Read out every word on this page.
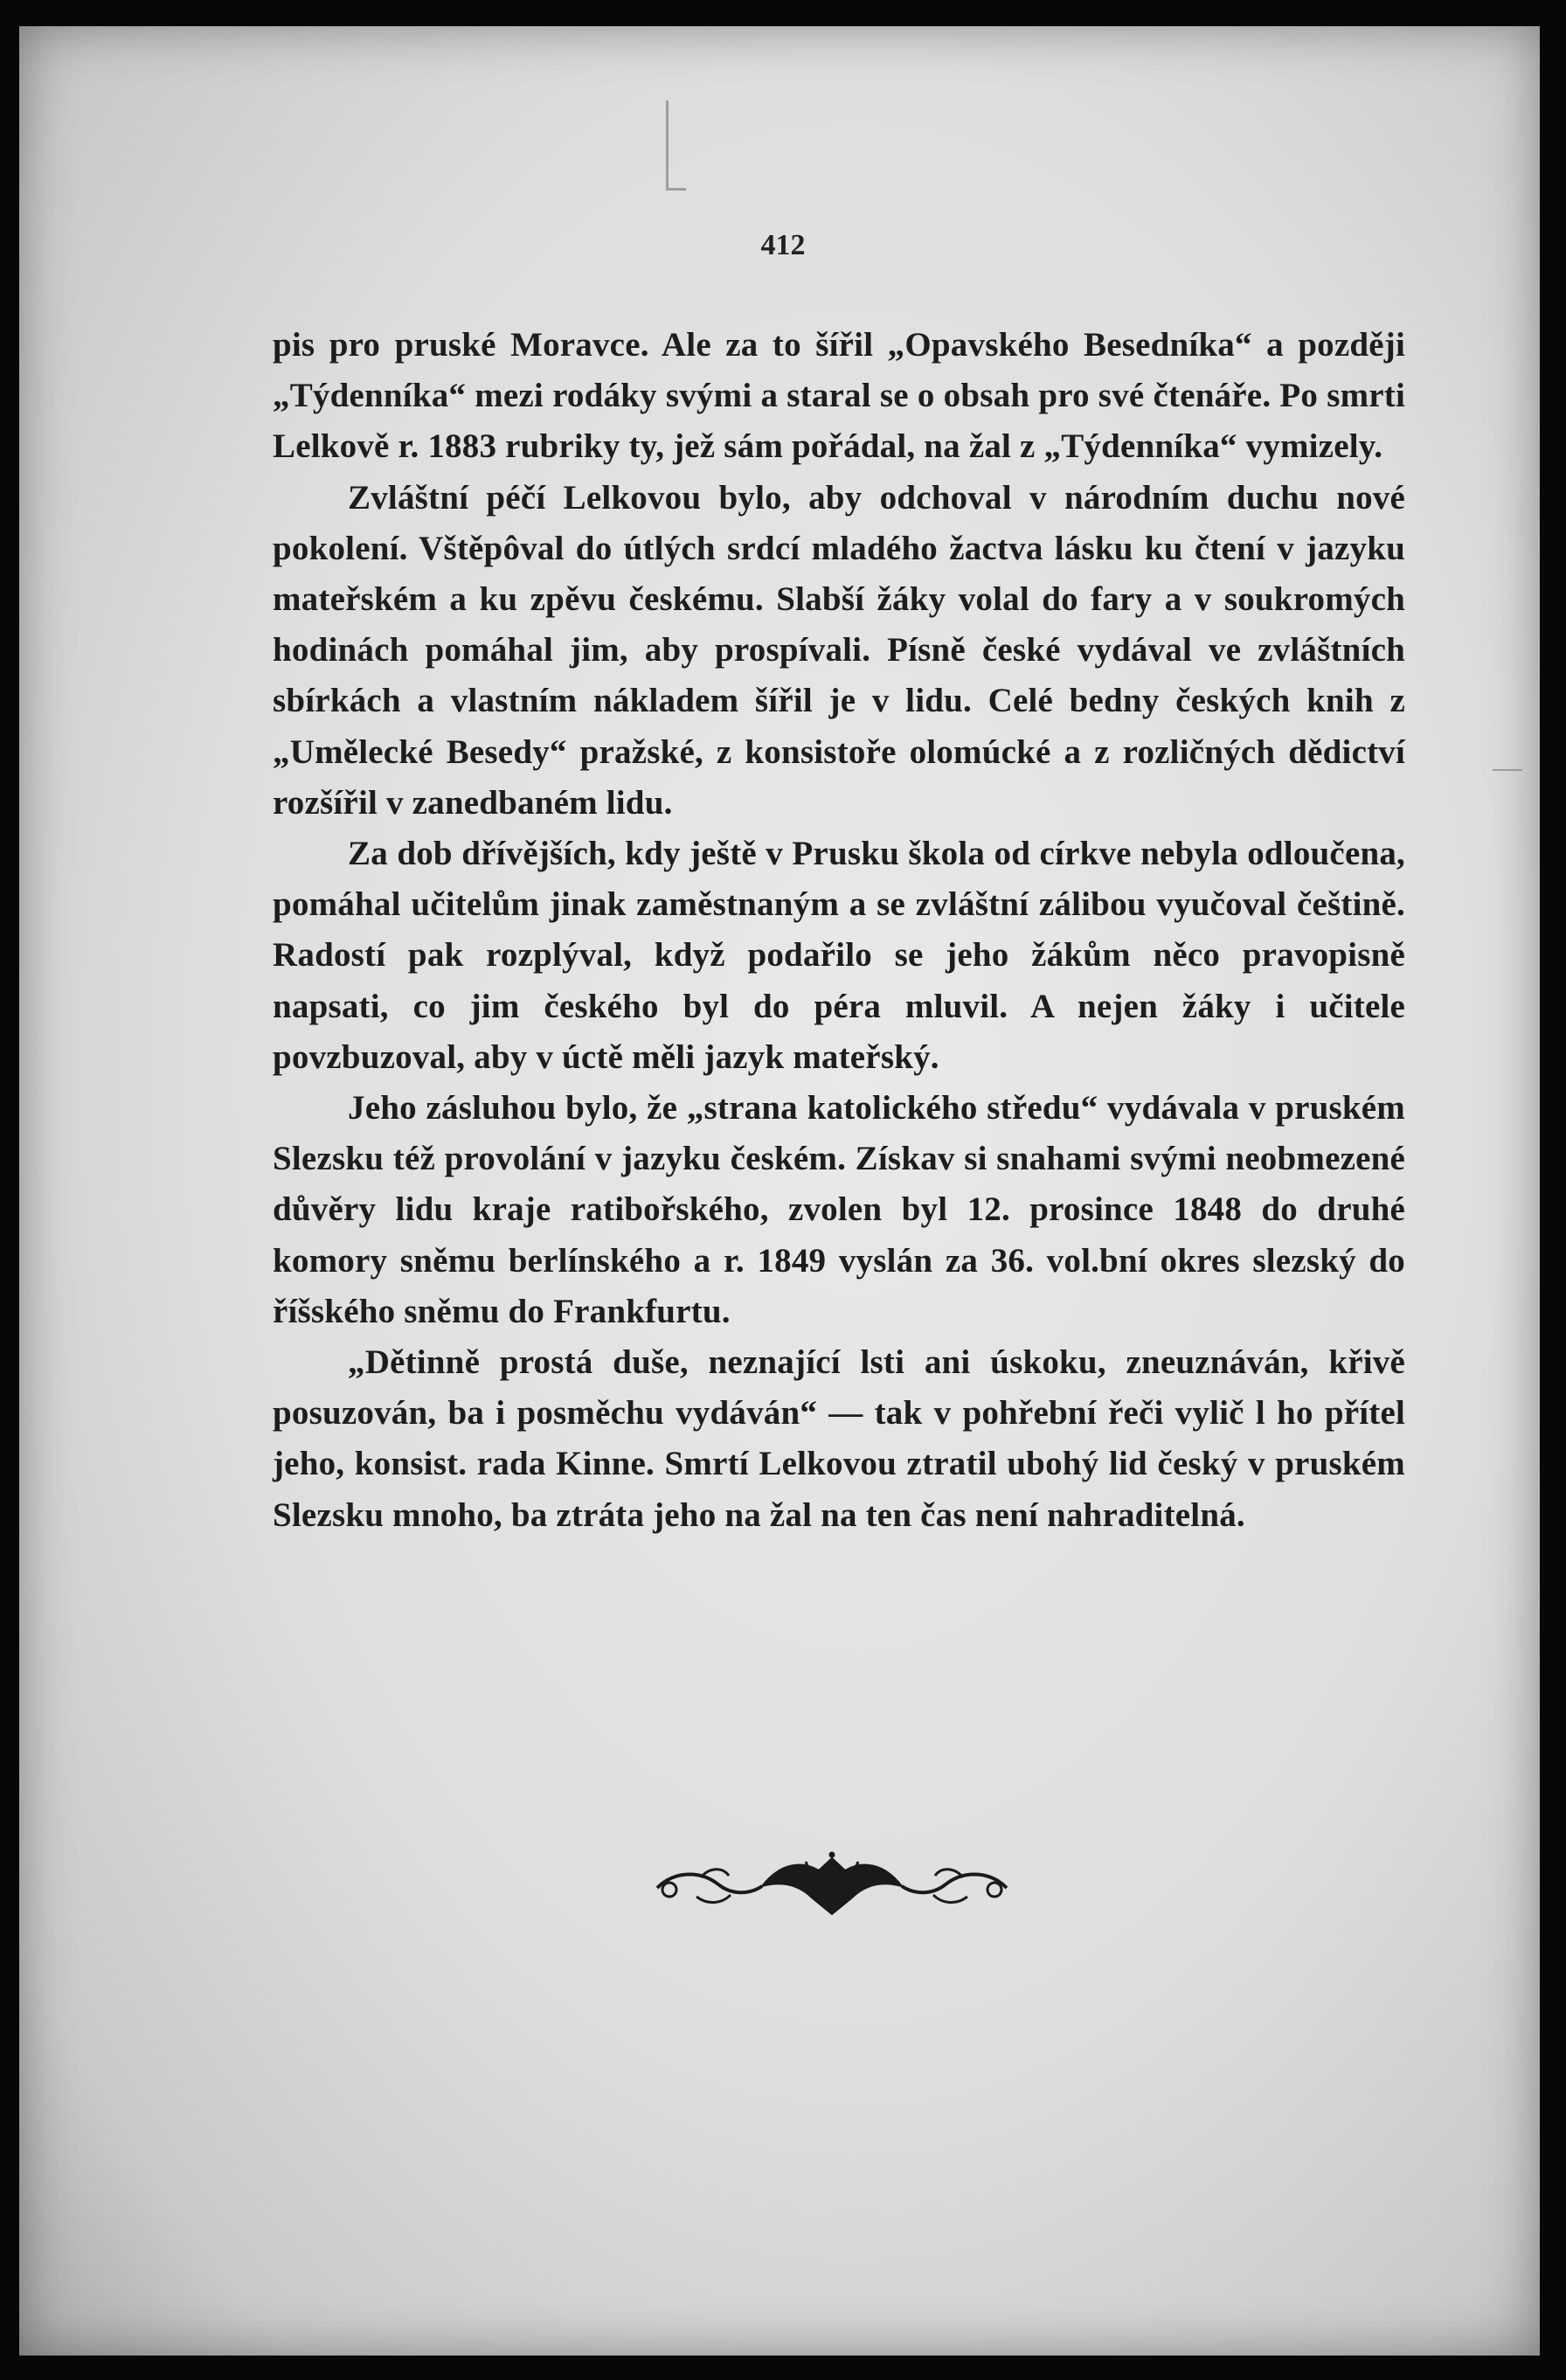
412

pis pro pruské Moravce. Ale za to šířil „Opavského Besedníka“ a později „Týdenníka“ mezi rodáky svými a staral se o obsah pro své čtenáře. Po smrti Lelkově r. 1883 rubriky ty, jež sám pořádal, na žal z „Týdenníka“ vymizely.

Zvláštní péčí Lelkovou bylo, aby odchoval v národním duchu nové pokolení. Vštěpôval do útlých srdcí mladého žactva lásku ku čtení v jazyku mateřském a ku zpěvu českému. Slabší žáky volal do fary a v soukromých hodinách pomáhal jim, aby prospívali. Písně české vydával ve zvláštních sbírkách a vlastním nákladem šířil je v lidu. Celé bedny českých knih z „Umělecké Besedy“ pražské, z konsistoře olomúcké a z rozličných dědictví rozšířil v zanedbaném lidu.

Za dob dřívějších, kdy ještě v Prusku škola od církve nebyla odloučena, pomáhal učitelům jinak zaměstnaným a se zvláštní zálibou vyučoval češtině. Radostí pak rozplýval, když podařilo se jeho žákům něco pravopisně napsati, co jim českého byl do péra mluvil. A nejen žáky i učitele povzbuzoval, aby v úctě měli jazyk mateřský.

Jeho zásluhou bylo, že „strana katolického středu“ vydávala v pruském Slezsku též provolání v jazyku českém. Získav si snahami svými neobmezené důvěry lidu kraje ratibořského, zvolen byl 12. prosince 1848 do druhé komory sněmu berlínského a r. 1849 vyslán za 36. vol.bní okres slezský do říšského sněmu do Frankfurtu.

„Dětinně prostá duše, neznající lsti ani úskoku, zneuznáván, křivě posuzován, ba i posměchu vydáván“ — tak v pohřební řeči vylič l ho přítel jeho, konsist. rada Kinne. Smrtí Lelkovou ztratil ubohý lid český v pruském Slezsku mnoho, ba ztráta jeho na žal na ten čas není nahraditelná.
